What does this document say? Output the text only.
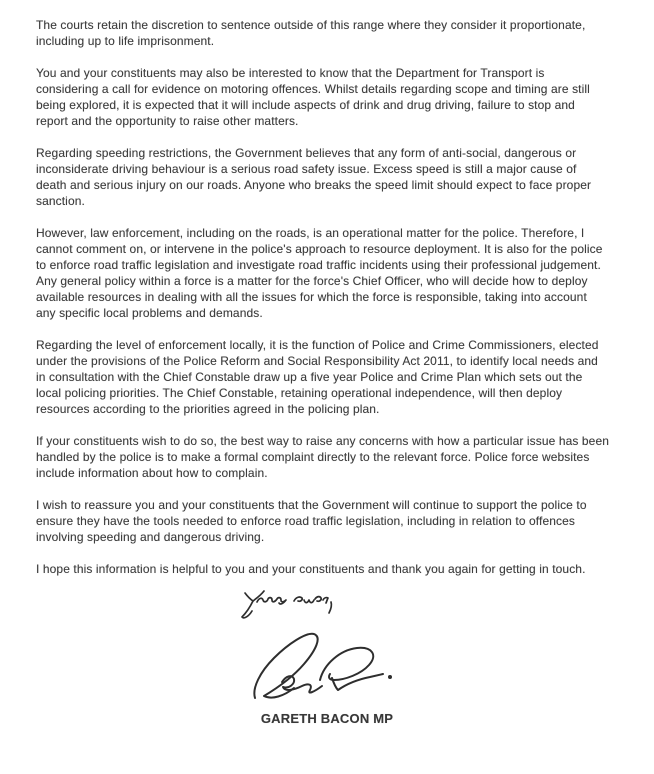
The courts retain the discretion to sentence outside of this range where they consider it proportionate,
including up to life imprisonment.
You and your constituents may also be interested to know that the Department for Transport is
considering a call for evidence on motoring offences. Whilst details regarding scope and timing are still
being explored, it is expected that it will include aspects of drink and drug driving, failure to stop and
report and the opportunity to raise other matters.
Regarding speeding restrictions, the Government believes that any form of anti-social, dangerous or
inconsiderate driving behaviour is a serious road safety issue. Excess speed is still a major cause of
death and serious injury on our roads. Anyone who breaks the speed limit should expect to face proper
sanction.
However, law enforcement, including on the roads, is an operational matter for the police. Therefore, I
cannot comment on, or intervene in the police's approach to resource deployment. It is also for the police
to enforce road traffic legislation and investigate road traffic incidents using their professional judgement.
Any general policy within a force is a matter for the force's Chief Officer, who will decide how to deploy
available resources in dealing with all the issues for which the force is responsible, taking into account
any specific local problems and demands.
Regarding the level of enforcement locally, it is the function of Police and Crime Commissioners, elected
under the provisions of the Police Reform and Social Responsibility Act 2011, to identify local needs and
in consultation with the Chief Constable draw up a five year Police and Crime Plan which sets out the
local policing priorities. The Chief Constable, retaining operational independence, will then deploy
resources according to the priorities agreed in the policing plan.
If your constituents wish to do so, the best way to raise any concerns with how a particular issue has been
handled by the police is to make a formal complaint directly to the relevant force. Police force websites
include information about how to complain.
I wish to reassure you and your constituents that the Government will continue to support the police to
ensure they have the tools needed to enforce road traffic legislation, including in relation to offences
involving speeding and dangerous driving.
I hope this information is helpful to you and your constituents and thank you again for getting in touch.
GARETH BACON MP
